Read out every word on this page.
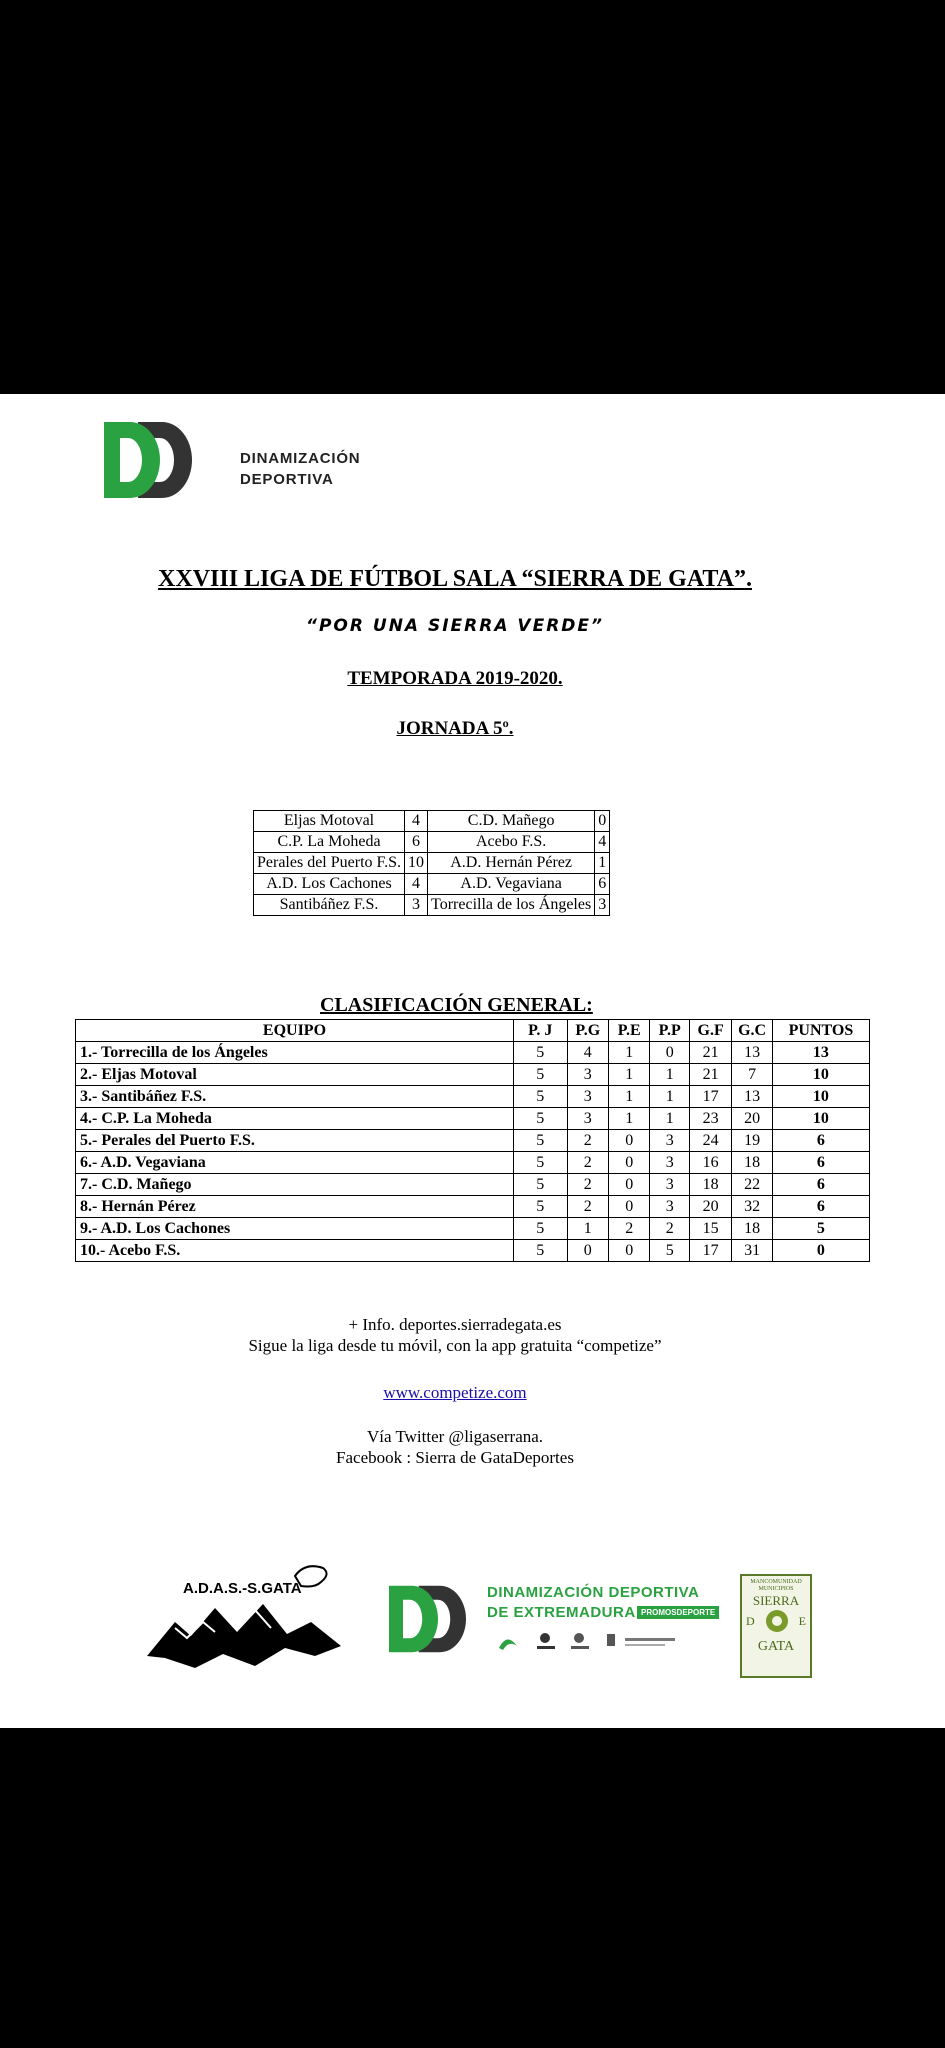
DINAMIZACIÓN
DEPORTIVA
XXVIII LIGA DE FÚTBOL SALA “SIERRA DE GATA”.
“POR UNA SIERRA VERDE”
TEMPORADA 2019-2020.
JORNADA 5º.
Eljas Motoval	4	C.D. Mañego	0
C.P. La Moheda	6	Acebo F.S.	4
Perales del Puerto F.S.	10	A.D. Hernán Pérez	1
A.D. Los Cachones	4	A.D. Vegaviana	6
Santibáñez F.S.	3	Torrecilla de los Ángeles	3
CLASIFICACIÓN GENERAL:
EQUIPO	P. J	P.G	P.E	P.P	G.F	G.C	PUNTOS
1.- Torrecilla de los Ángeles	5	4	1	0	21	13	13
2.- Eljas Motoval	5	3	1	1	21	7	10
3.- Santibáñez F.S.	5	3	1	1	17	13	10
4.- C.P. La Moheda	5	3	1	1	23	20	10
5.- Perales del Puerto F.S.	5	2	0	3	24	19	6
6.- A.D. Vegaviana	5	2	0	3	16	18	6
7.- C.D. Mañego	5	2	0	3	18	22	6
8.- Hernán Pérez	5	2	0	3	20	32	6
9.- A.D. Los Cachones	5	1	2	2	15	18	5
10.- Acebo F.S.	5	0	0	5	17	31	0
+ Info. deportes.sierradegata.es
Sigue la liga desde tu móvil, con la app gratuita “competize”
www.competize.com
Vía Twitter @ligaserrana.
Facebook : Sierra de GataDeportes
A.D.A.S.-S.GATA	DINAMIZACIÓN DEPORTIVA
DE EXTREMADURA PROMOSDEPORTE
MANCOMUNIDAD MUNICIPIOS
SIERRA
D	E
GATA
